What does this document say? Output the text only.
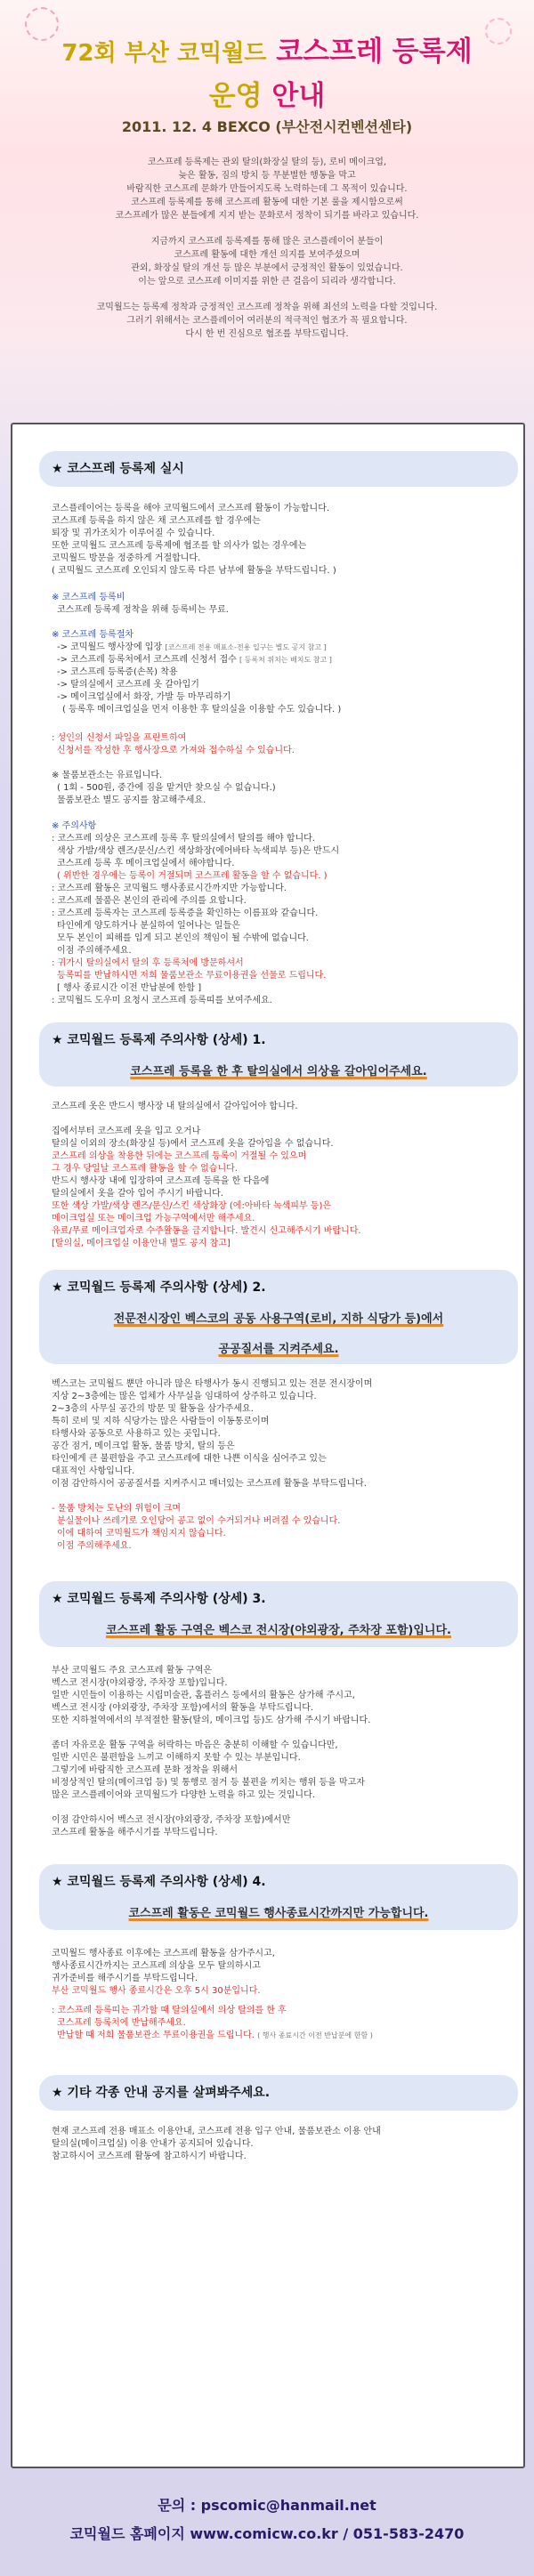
72회 부산 코믹월드 코스프레 등록제
운영 안내
2011. 12. 4 BEXCO (부산전시컨벤션센타)

코스프레 등록제는 관외 탈의(화장실 탈의 등), 로비 메이크업,
늦은 활동, 짐의 방치 등 무분별한 행동을 막고
바람직한 코스프레 문화가 만들어지도록 노력하는데 그 목적이 있습니다.
코스프레 등록제를 통해 코스프레 활동에 대한 기본 룰을 제시함으로써
코스프레가 많은 분들에게 지지 받는 문화로서 정착이 되기를 바라고 있습니다.

지금까지 코스프레 등록제를 통해 많은 코스플레이어 분들이
코스프레 활동에 대한 개선 의지를 보여주셨으며
관외, 화장실 탈의 개선 등 많은 부분에서 긍정적인 활동이 있었습니다.
이는 앞으로 코스프레 이미지를 위한 큰 걸음이 되리라 생각합니다.

코믹월드는 등록제 정착과 긍정적인 코스프레 정착을 위해 최선의 노력을 다할 것입니다.
그러기 위해서는 코스플레이어 여러분의 적극적인 협조가 꼭 필요합니다.
다시 한 번 진심으로 협조를 부탁드립니다.

★ 코스프레 등록제 실시
코스플레이어는 등록을 해야 코믹월드에서 코스프레 활동이 가능합니다.
코스프레 등록을 하지 않은 채 코스프레를 할 경우에는
퇴장 및 귀가조치가 이루어질 수 있습니다.
또한 코믹월드 코스프레 등록제에 협조를 할 의사가 없는 경우에는
코믹월드 방문을 정중하게 거절합니다.
( 코믹월드 코스프레 오인되지 않도록 다른 남부에 활동을 부탁드립니다. )
※ 코스프레 등록비
코스프레 등록제 정착을 위해 등록비는 무료.
※ 코스프레 등록절차
-> 코믹월드 행사장에 입장 [코스프레 전용 매표소-전용 입구는 별도 공지 참고 ]
-> 코스프레 등록처에서 코스프레 신청서 접수 [ 등록처 위치는 배치도 참고 ]
-> 코스프레 등록증(손목) 착용
-> 탈의실에서 코스프레 옷 갈아입기
-> 메이크업실에서 화장, 가발 등 마무리하기
( 등록후 메이크업실을 먼저 이용한 후 탈의실을 이용할 수도 있습니다. )
: 성인의 신청서 파일을 프린트하여
신청서를 작성한 후 행사장으로 가져와 접수하실 수 있습니다.
※ 물품보관소는 유료입니다.
( 1회 - 500원, 중간에 짐을 맡겨만 찾으실 수 없습니다.)
물품보관소 별도 공지를 참고해주세요.
※ 주의사항
: 코스프레 의상은 코스프레 등록 후 탈의실에서 탈의를 해야 합니다.
색상 가발/색상 렌즈/문신/스킨 색상화장(에어바타 녹색피부 등)은 반드시
코스프레 등록 후 메이크업실에서 해야합니다.
( 위반한 경우에는 등록이 거절되며 코스프레 활동을 할 수 없습니다. )
: 코스프레 활동은 코믹월드 행사종료시간까지만 가능합니다.
: 코스프레 물품은 본인의 관리에 주의를 요합니다.
: 코스프레 등록자는 코스프레 등록증을 확인하는 이름표와 같습니다.
타인에게 양도하거나 분실하여 일어나는 일들은
모두 본인이 피해를 입게 되고 본인의 책임이 될 수밖에 없습니다.
이점 주의해주세요.
: 귀가시 탈의실에서 탈의 후 등록처에 방문하셔서
등록띠를 반납하시면 저희 물품보관소 무료이용권을 선물로 드립니다.
[ 행사 종료시간 이전 반납분에 한함 ]
: 코믹월드 도우미 요청시 코스프레 등록띠를 보여주세요.
★ 코믹월드 등록제 주의사항 (상세) 1.
코스프레 등록을 한 후 탈의실에서 의상을 갈아입어주세요.
코스프레 옷은 반드시 행사장 내 탈의실에서 갈아입어야 합니다.

집에서부터 코스프레 옷을 입고 오거나
탈의실 이외의 장소(화장실 등)에서 코스프레 옷을 갈아입을 수 없습니다.
코스프레 의상을 착용한 뒤에는 코스프레 등록이 거절될 수 있으며
그 경우 당일날 코스프레 활동을 할 수 없습니다.
반드시 행사장 내에 입장하여 코스프레 등록을 한 다음에
탈의실에서 옷을 갈아 입어 주시기 바랍니다.
또한 색상 가발/색상 렌즈/문신/스킨 색상화장 (에:아바타 녹색피부 등)은
메이크업실 또는 메이크업 가능구역에서만 해주세요.
유료/무료 메이크업자로 수주활동을 금지합니다. 발견시 신고해주시기 바랍니다.
[탈의실, 메이크업실 이용안내 별도 공지 참고]
★ 코믹월드 등록제 주의사항 (상세) 2.
전문전시장인 벡스코의 공동 사용구역(로비, 지하 식당가 등)에서
공공질서를 지켜주세요.
벡스코는 코믹월드 뿐만 아니라 많은 타행사가 동시 진행되고 있는 전문 전시장이며
지상 2~3층에는 많은 업체가 사무실을 임대하여 상주하고 있습니다.
2~3층의 사무실 공간의 방문 및 활동을 삼가주세요.
특히 로비 및 지하 식당가는 많은 사람들이 이동통로이며
타행사와 공동으로 사용하고 있는 곳입니다.
공간 점거, 메이크업 활동, 물품 방치, 탈의 등은
타인에게 큰 불편함을 주고 코스프레에 대한 나쁜 이식을 심어주고 있는
대표적인 사항입니다.
이점 감안하시어 공공질서를 지켜주시고 매너있는 코스프레 활동을 부탁드립니다.

- 물품 방치는 도난의 위험이 크며
분실물이나 쓰레기로 오인당어 공고 없이 수거되거나 버려질 수 있습니다.
이에 대하여 코믹월드가 책임지지 않습니다.
이점 주의해주세요.
★ 코믹월드 등록제 주의사항 (상세) 3.
코스프레 활동 구역은 벡스코 전시장(야외광장, 주차장 포함)입니다.
부산 코믹월드 주요 코스프레 활동 구역은
벡스코 전시장(야외광장, 주차장 포함)입니다.
일반 시민들이 이용하는 시립미술관, 홈플러스 등에서의 활동은 삼가해 주시고,
벡스코 전시장 (야외광장, 주차장 포함)에서의 활동을 부탁드립니다.
또한 지하철역에서의 부적절한 활동(탈의, 메이크업 등)도 삼가해 주시기 바랍니다.

좀더 자유로운 활동 구역을 허락하는 마음은 충분히 이해할 수 있습니다만,
일반 시민은 불편함을 느끼고 이해하지 못할 수 있는 부분입니다.
그렇기에 바람직한 코스프레 문화 정착을 위해서
비정상적인 탈의(메이크업 등) 및 통행로 점거 등 불편을 끼치는 행위 등을 막고자
많은 코스플레이어와 코믹월드가 다양한 노력을 하고 있는 것입니다.

이점 감안하시어 벡스코 전시장(야외광장, 주차장 포함)에서만
코스프레 활동을 해주시기를 부탁드립니다.
★ 코믹월드 등록제 주의사항 (상세) 4.
코스프레 활동은 코믹월드 행사종료시간까지만 가능합니다.
코믹월드 행사종료 이후에는 코스프레 활동을 삼가주시고,
행사종료시간까지는 코스프레 의상을 모두 탈의하시고
귀가준비를 해주시기를 부탁드립니다.
부산 코믹월드 행사 종료시간은 오후 5시 30분입니다.
: 코스프레 등록띠는 귀가할 때 탈의실에서 의상 탈의를 한 후
코스프레 등록처에 반납해주세요.
반납할 때 저희 물품보관소 무료이용권을 드립니다. ( 행사 종료시간 이전 반납분에 한함 )
★ 기타 각종 안내 공지를 살펴봐주세요.
현재 코스프레 전용 매표소 이용안내, 코스프레 전용 입구 안내, 물품보관소 이용 안내
탈의실(메이크업실) 이용 안내가 공지되어 있습니다.
참고하시어 코스프레 활동에 참고하시기 바랍니다.
문의 : pscomic@hanmail.net
코믹월드 홈페이지 www.comicw.co.kr / 051-583-2470
